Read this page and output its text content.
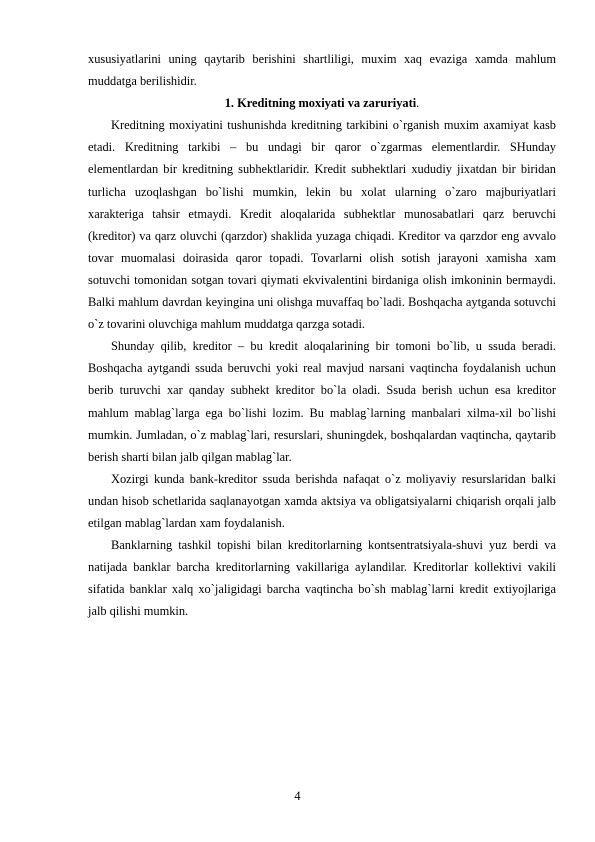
xususiyatlarini uning qaytarib berishini shartliligi, muxim xaq evaziga xamda mahlum muddatga berilishidir.

1. Kreditning moxiyati va zaruriyati.

Kreditning moxiyatini tushunishda kreditning tarkibini o`rganish muxim axamiyat kasb etadi. Kreditning tarkibi – bu undagi bir qaror o`zgarmas elementlardir. SHunday elementlardan bir kreditning subhektlaridir. Kredit subhektlari xududiy jixatdan bir biridan turlicha uzoqlashgan bo`lishi mumkin, lekin bu xolat ularning o`zaro majburiyatlari xarakteriga tahsir etmaydi. Kredit aloqalarida subhektlar munosabatlari qarz beruvchi (kreditor) va qarz oluvchi (qarzdor) shaklida yuzaga chiqadi. Kreditor va qarzdor eng avvalo tovar muomalasi doirasida qaror topadi. Tovarlarni olish sotish jarayoni xamisha xam sotuvchi tomonidan sotgan tovari qiymati ekvivalentini birdaniga olish imkoninin bermaydi. Balki mahlum davrdan keyingina uni olishga muvaffaq bo`ladi. Boshqacha aytganda sotuvchi o`z tovarini oluvchiga mahlum muddatga qarzga sotadi.

Shunday qilib, kreditor – bu kredit aloqalarining bir tomoni bo`lib, u ssuda beradi. Boshqacha aytgandi ssuda beruvchi yoki real mavjud narsani vaqtincha foydalanish uchun berib turuvchi xar qanday subhekt kreditor bo`la oladi. Ssuda berish uchun esa kreditor mahlum mablag`larga ega bo`lishi lozim. Bu mablag`larning manbalari xilma-xil bo`lishi mumkin. Jumladan, o`z mablag`lari, resurslari, shuningdek, boshqalardan vaqtincha, qaytarib berish sharti bilan jalb qilgan mablag`lar.

Xozirgi kunda bank-kreditor ssuda berishda nafaqat o`z moliyaviy resurslaridan balki undan hisob schetlarida saqlanayotgan xamda aktsiya va obligatsiyalarni chiqarish orqali jalb etilgan mablag`lardan xam foydalanish.

Banklarning tashkil topishi bilan kreditorlarning kontsentratsiyala-shuvi yuz berdi va natijada banklar barcha kreditorlarning vakillariga aylandilar. Kreditorlar kollektivi vakili sifatida banklar xalq xo`jaligidagi barcha vaqtincha bo`sh mablag`larni kredit extiyojlariga jalb qilishi mumkin.

4
